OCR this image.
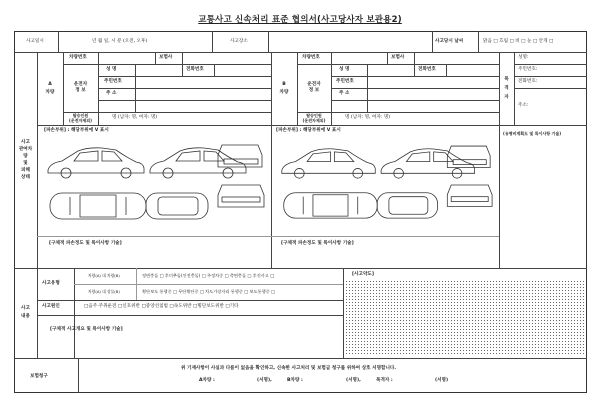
교통사고 신속처리 표준 협의서(사고당사자 보관용2)
사고일시	년 월 일, 시 분 (오전, 오후)	사고장소	사고당시 날씨	맑음 □ 흐림 □ 비 □ 눈 □ 안개 □
사고
관여차
량
및
피해
상태
사고
내용
A
차량
차량번호	보험사
운전자
정 보
성 명	전화번호
주민번호
주 소
탑승인원
(운전자제외)	명 (남자: 명, 여자: 명)
B
차량
차량번호	보험사
운전자
정 보
성 명	전화번호
주민번호
주 소
탑승인원
(운전자제외)	명 (남자: 명, 여자: 명)
목
격
자
성명:
주민번호:
전화번호:
주소:
(유형비계획도 및 특이사항 기술)
[파손부위] : 해당부위에 V 표시
[구체적 파손정도 및 특이사항 기술]
[파손부위] : 해당부위에 V 표시
[구체적 파손정도 및 특이사항 기술]
사고유형
차량(A) 대 차량(B)	정면충돌 □ 후미추돌(인전충돌) □ 주정차중 □ 측면충돌 □ 후진사고 □
차량(A) 대 장물(B)	횡단보도 통행중 □ 무단횡단중 □ 차도가장자리 통행중 □ 보도통행중 □
사고원인	□음주·주취운전 □신호위반 □중앙선침범 □속도위반 □횡단보도위반 □기타
[구체적 사고개요 및 특이사항 기술]
[사고약도]
보험청구
위 기재사항이 사실과 다름이 없음을 확인하고, 신속한 사고처리 및 보험금 청구를 위하여 상호 서명합니다.
A차량 :	(서명),	B차량 :	(서명),	목격자 :	(서명)
